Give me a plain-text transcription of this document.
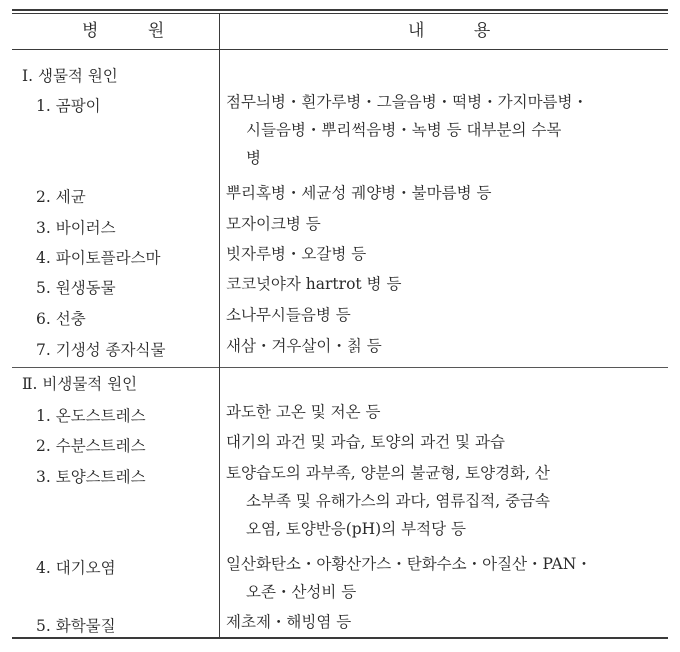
병 원	내 용
Ⅰ. 생물적 원인
1. 곰팡이	점무늬병・흰가루병・그을음병・떡병・가지마름병・
시들음병・뿌리썩음병・녹병 등 대부분의 수목
병
2. 세균	뿌리혹병・세균성 궤양병・불마름병 등
3. 바이러스	모자이크병 등
4. 파이토플라스마	빗자루병・오갈병 등
5. 원생동물	코코넛야자 hartrot 병 등
6. 선충	소나무시들음병 등
7. 기생성 종자식물	새삼・겨우살이・칡 등
Ⅱ. 비생물적 원인
1. 온도스트레스	과도한 고온 및 저온 등
2. 수분스트레스	대기의 과건 및 과습, 토양의 과건 및 과습
3. 토양스트레스	토양습도의 과부족, 양분의 불균형, 토양경화, 산
소부족 및 유해가스의 과다, 염류집적, 중금속
오염, 토양반응(pH)의 부적당 등
4. 대기오염	일산화탄소・아황산가스・탄화수소・아질산・PAN・
오존・산성비 등
5. 화학물질	제초제・해빙염 등
